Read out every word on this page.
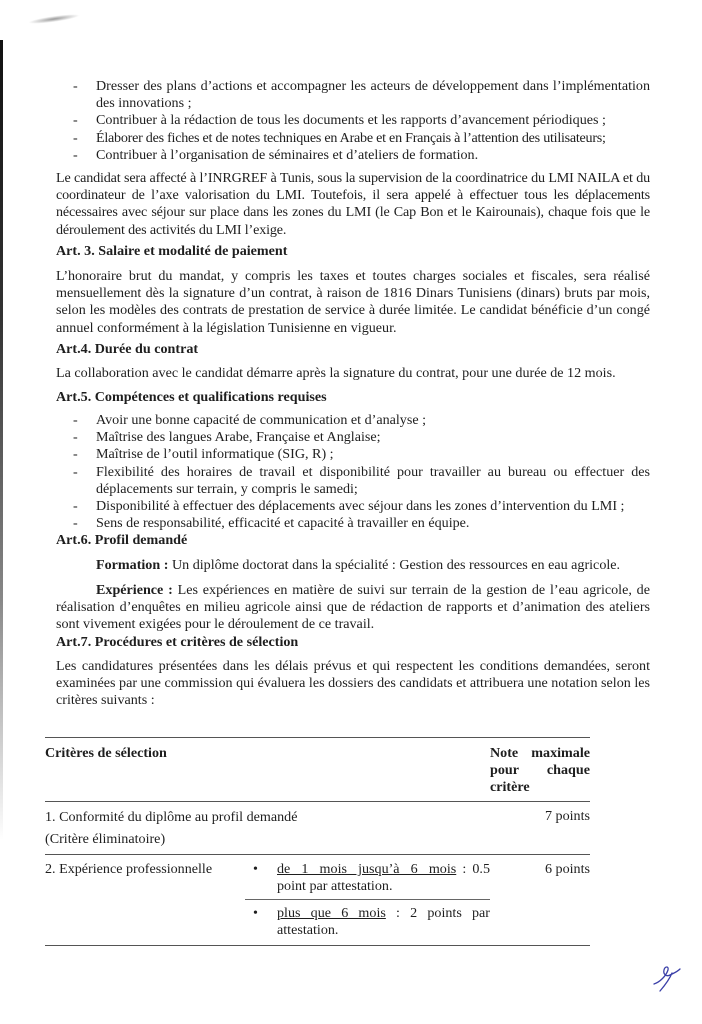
- Dresser des plans d’actions et accompagner les acteurs de développement dans l’implémentation des innovations ;
- Contribuer à la rédaction de tous les documents et les rapports d’avancement périodiques ;
- Élaborer des fiches et de notes techniques en Arabe et en Français à l’attention des utilisateurs;
- Contribuer à l’organisation de séminaires et d’ateliers de formation.

Le candidat sera affecté à l’INRGREF à Tunis, sous la supervision de la coordinatrice du LMI NAILA et du coordinateur de l’axe valorisation du LMI. Toutefois, il sera appelé à effectuer tous les déplacements nécessaires avec séjour sur place dans les zones du LMI (le Cap Bon et le Kairounais), chaque fois que le déroulement des activités du LMI l’exige.

Art. 3. Salaire et modalité de paiement

L’honoraire brut du mandat, y compris les taxes et toutes charges sociales et fiscales, sera réalisé mensuellement dès la signature d’un contrat, à raison de 1816 Dinars Tunisiens (dinars) bruts par mois, selon les modèles des contrats de prestation de service à durée limitée. Le candidat bénéficie d’un congé annuel conformément à la législation Tunisienne en vigueur.

Art.4. Durée du contrat

La collaboration avec le candidat démarre après la signature du contrat, pour une durée de 12 mois.

Art.5. Compétences et qualifications requises
- Avoir une bonne capacité de communication et d’analyse ;
- Maîtrise des langues Arabe, Française et Anglaise;
- Maîtrise de l’outil informatique (SIG, R) ;
- Flexibilité des horaires de travail et disponibilité pour travailler au bureau ou effectuer des déplacements sur terrain, y compris le samedi;
- Disponibilité à effectuer des déplacements avec séjour dans les zones d’intervention du LMI ;
- Sens de responsabilité, efficacité et capacité à travailler en équipe.
Art.6. Profil demandé

Formation : Un diplôme doctorat dans la spécialité : Gestion des ressources en eau agricole.

Expérience : Les expériences en matière de suivi sur terrain de la gestion de l’eau agricole, de réalisation d’enquêtes en milieu agricole ainsi que de rédaction de rapports et d’animation des ateliers sont vivement exigées pour le déroulement de ce travail.

Art.7. Procédures et critères de sélection

Les candidatures présentées dans les délais prévus et qui respectent les conditions demandées, seront examinées par une commission qui évaluera les dossiers des candidats et attribuera une notation selon les critères suivants :

Critères de sélection			Note maximale pour chaque critère

1. Conformité du diplôme au profil demandé
(Critère éliminatoire)			7 points
2. Expérience professionnelle		• de 1 mois jusqu’à 6 mois : 0.5 point par attestation.	6 points

		• plus que 6 mois : 2 points par attestation.	
